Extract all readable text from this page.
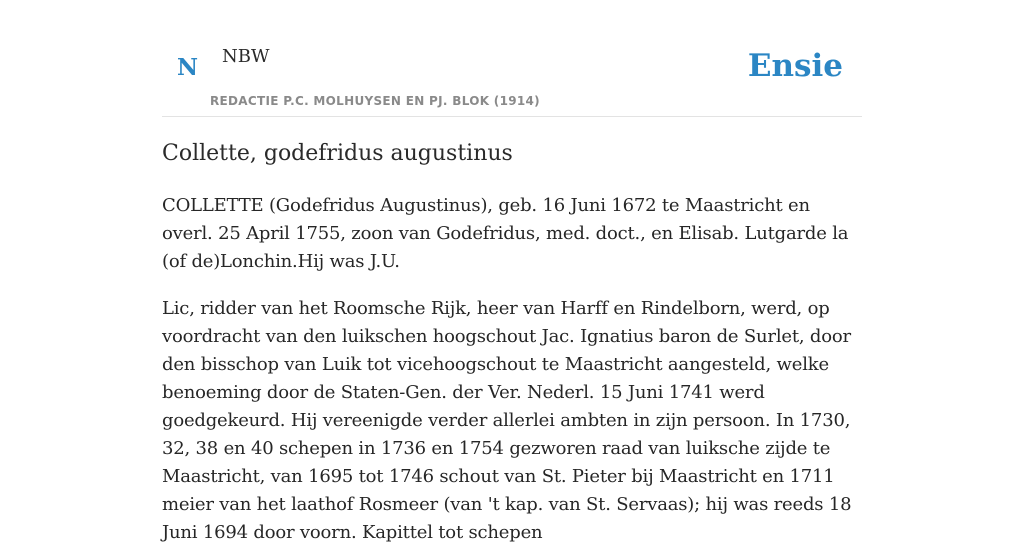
N NBW
REDACTIE P.C. MOLHUYSEN EN PJ. BLOK (1914)
Ensie
Collette, godefridus augustinus

COLLETTE (Godefridus Augustinus), geb. 16 Juni 1672 te Maastricht en overl. 25 April 1755, zoon van Godefridus, med. doct., en Elisab. Lutgarde la (of de)Lonchin.Hij was J.U.

Lic, ridder van het Roomsche Rijk, heer van Harff en Rindelborn, werd, op voordracht van den luikschen hoogschout Jac. Ignatius baron de Surlet, door den bisschop van Luik tot vicehoogschout te Maastricht aangesteld, welke benoeming door de Staten-Gen. der Ver. Nederl. 15 Juni 1741 werd goedgekeurd. Hij vereenigde verder allerlei ambten in zijn persoon. In 1730, 32, 38 en 40 schepen in 1736 en 1754 gezworen raad van luiksche zijde te Maastricht, van 1695 tot 1746 schout van St. Pieter bij Maastricht en 1711 meier van het laathof Rosmeer (van 't kap. van St. Servaas); hij was reeds 18 Juni 1694 door voorn. Kapittel tot schepen
